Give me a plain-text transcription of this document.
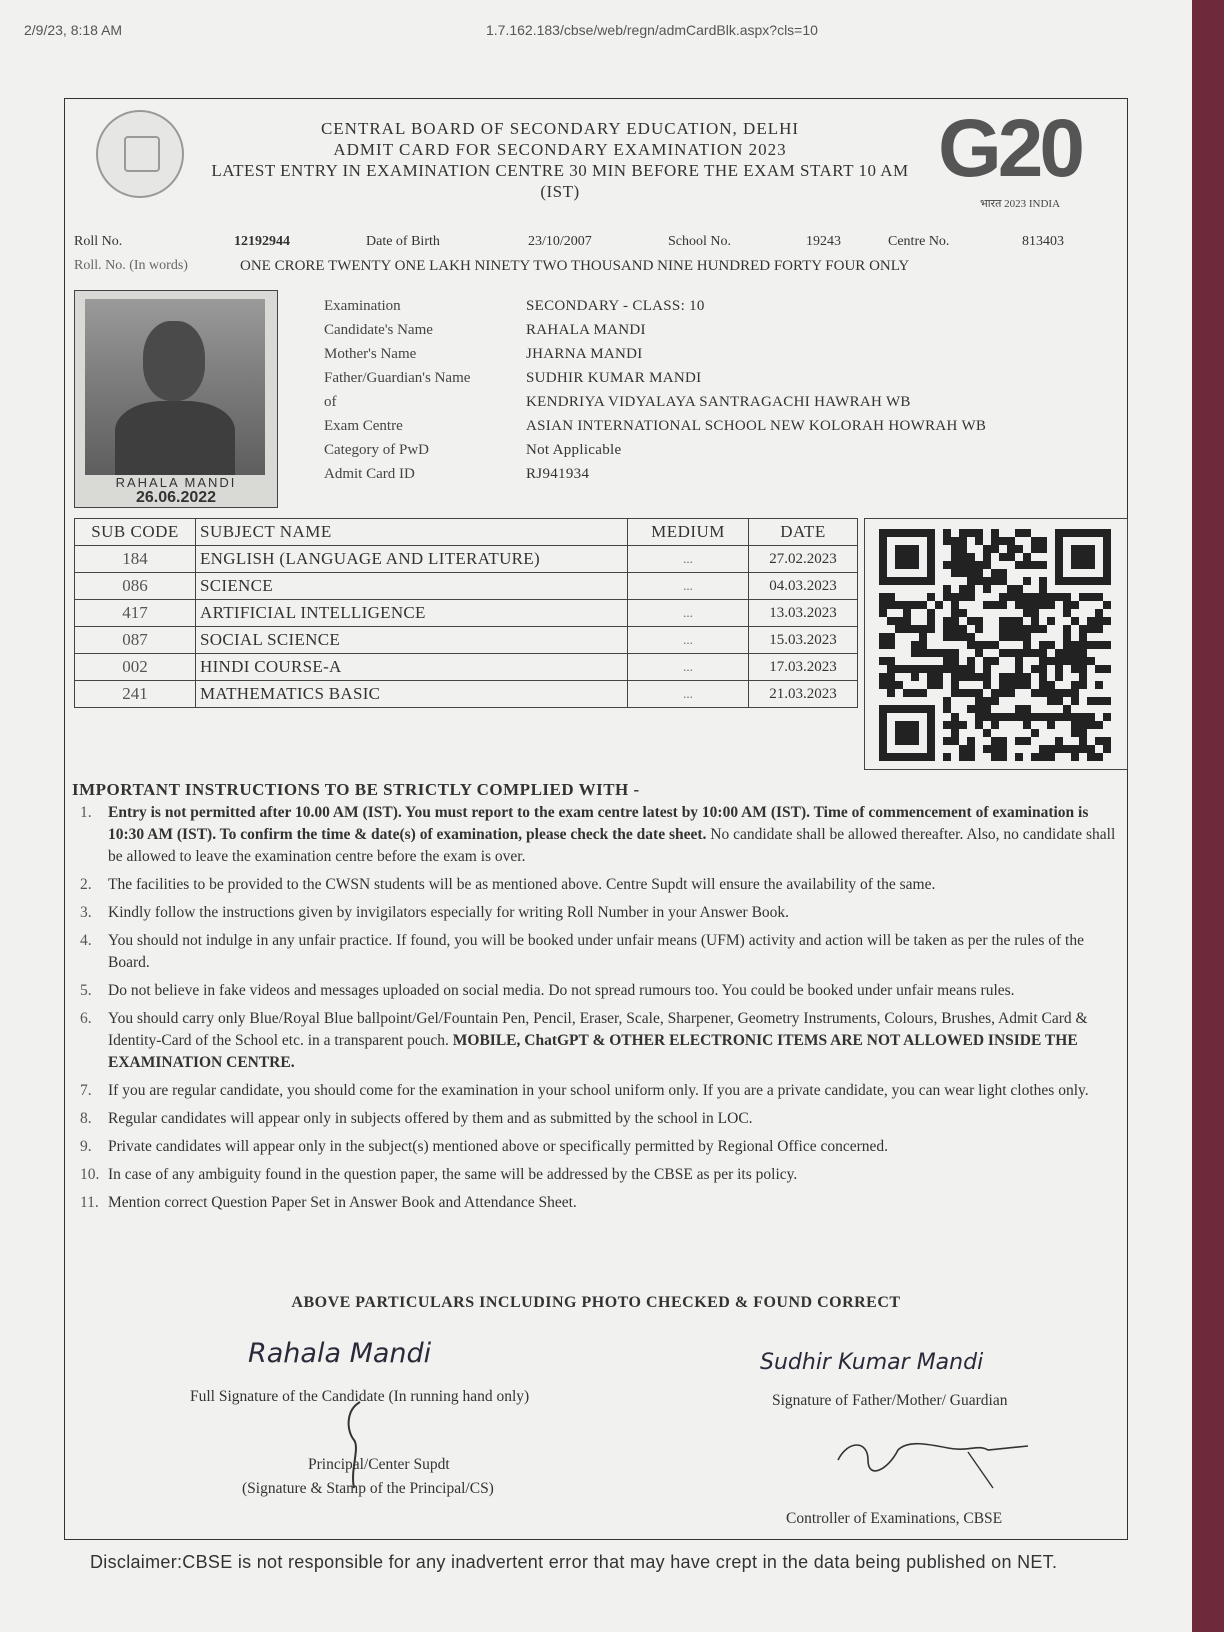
2/9/23, 8:18 AM	1.7.162.183/cbse/web/regn/admCardBlk.aspx?cls=10
CENTRAL BOARD OF SECONDARY EDUCATION, DELHI
ADMIT CARD FOR SECONDARY EXAMINATION 2023
LATEST ENTRY IN EXAMINATION CENTRE 30 MIN BEFORE THE EXAM START 10 AM (IST)	G20
भारत 2023 INDIA
Roll No.	12192944	Date of Birth	23/10/2007	School No.	19243	Centre No.	813403
Roll. No. (In words)	ONE CRORE TWENTY ONE LAKH NINETY TWO THOUSAND NINE HUNDRED FORTY FOUR ONLY
RAHALA MANDI
26.06.2022
Examination	SECONDARY - CLASS: 10
Candidate's Name	RAHALA MANDI
Mother's Name	JHARNA MANDI
Father/Guardian's Name	SUDHIR KUMAR MANDI
of	KENDRIYA VIDYALAYA SANTRAGACHI HAWRAH WB
Exam Centre	ASIAN INTERNATIONAL SCHOOL NEW KOLORAH HOWRAH WB
Category of PwD	Not Applicable
Admit Card ID	RJ941934
SUB CODE	SUBJECT NAME	MEDIUM	DATE
184	ENGLISH (LANGUAGE AND LITERATURE)	...	27.02.2023
086	SCIENCE	...	04.03.2023
417	ARTIFICIAL INTELLIGENCE	...	13.03.2023
087	SOCIAL SCIENCE	...	15.03.2023
002	HINDI COURSE-A	...	17.03.2023
241	MATHEMATICS BASIC	...	21.03.2023
IMPORTANT INSTRUCTIONS TO BE STRICTLY COMPLIED WITH -
1. Entry is not permitted after 10.00 AM (IST). You must report to the exam centre latest by 10:00 AM (IST). Time of commencement of examination is 10:30 AM (IST). To confirm the time & date(s) of examination, please check the date sheet. No candidate shall be allowed thereafter. Also, no candidate shall be allowed to leave the examination centre before the exam is over.
2. The facilities to be provided to the CWSN students will be as mentioned above. Centre Supdt will ensure the availability of the same.
3. Kindly follow the instructions given by invigilators especially for writing Roll Number in your Answer Book.
4. You should not indulge in any unfair practice. If found, you will be booked under unfair means (UFM) activity and action will be taken as per the rules of the Board.
5. Do not believe in fake videos and messages uploaded on social media. Do not spread rumours too. You could be booked under unfair means rules.
6. You should carry only Blue/Royal Blue ballpoint/Gel/Fountain Pen, Pencil, Eraser, Scale, Sharpener, Geometry Instruments, Colours, Brushes, Admit Card & Identity-Card of the School etc. in a transparent pouch. MOBILE, ChatGPT & OTHER ELECTRONIC ITEMS ARE NOT ALLOWED INSIDE THE EXAMINATION CENTRE.
7. If you are regular candidate, you should come for the examination in your school uniform only. If you are a private candidate, you can wear light clothes only.
8. Regular candidates will appear only in subjects offered by them and as submitted by the school in LOC.
9. Private candidates will appear only in the subject(s) mentioned above or specifically permitted by Regional Office concerned.
10. In case of any ambiguity found in the question paper, the same will be addressed by the CBSE as per its policy.
11. Mention correct Question Paper Set in Answer Book and Attendance Sheet.
ABOVE PARTICULARS INCLUDING PHOTO CHECKED & FOUND CORRECT
Rahala Mandi
Full Signature of the Candidate (In running hand only)
Sudhir Kumar Mandi
Signature of Father/Mother/ Guardian
Principal/Center Supdt
(Signature & Stamp of the Principal/CS)
Controller of Examinations, CBSE
Disclaimer:CBSE is not responsible for any inadvertent error that may have crept in the data being published on NET.
